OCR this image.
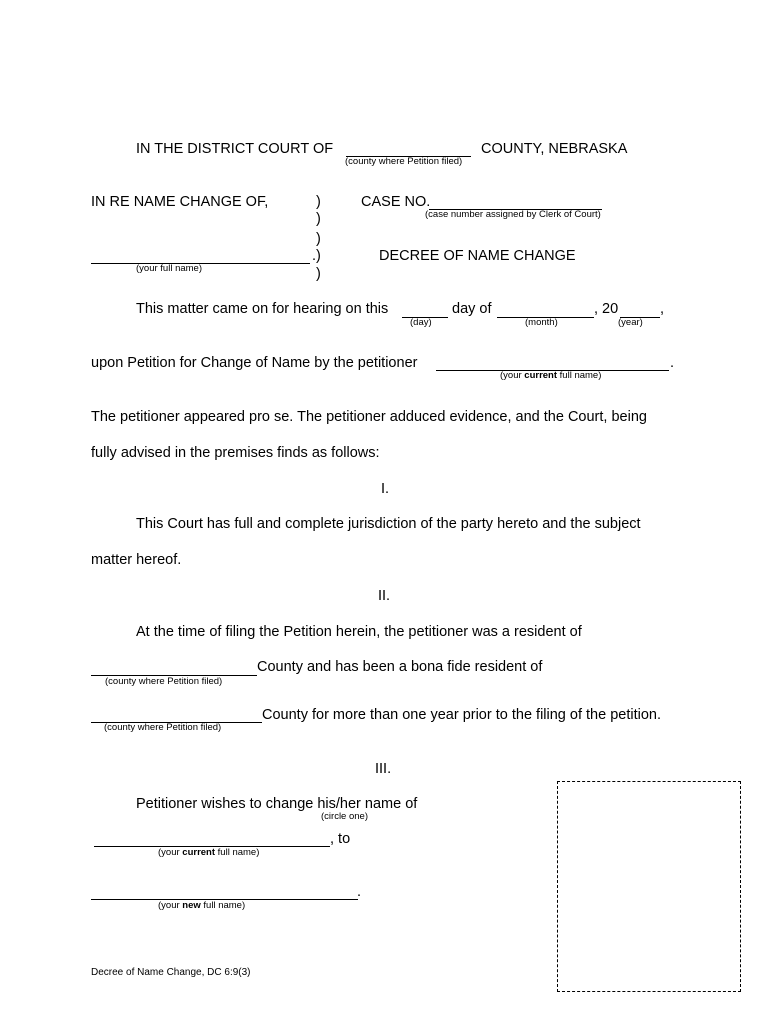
IN THE DISTRICT COURT OF	COUNTY, NEBRASKA
(county where Petition filed)
IN RE NAME CHANGE OF,	)
)
)
.)
)
CASE NO.
(case number assigned by Clerk of Court)
(your full name)
DECREE OF NAME CHANGE
This matter came on for hearing on this	day of	, 20	,
(day)	(month)	(year)
upon Petition for Change of Name by the petitioner	.
(your current full name)
The petitioner appeared pro se. The petitioner adduced evidence, and the Court, being
fully advised in the premises finds as follows:
I.
This Court has full and complete jurisdiction of the party hereto and the subject
matter hereof.
II.
At the time of filing the Petition herein, the petitioner was a resident of
County and has been a bona fide resident of
(county where Petition filed)
County for more than one year prior to the filing of the petition.
(county where Petition filed)
III.
Petitioner wishes to change his/her name of
(circle one)
, to
(your current full name)
.
(your new full name)
Decree of Name Change, DC 6:9(3)
